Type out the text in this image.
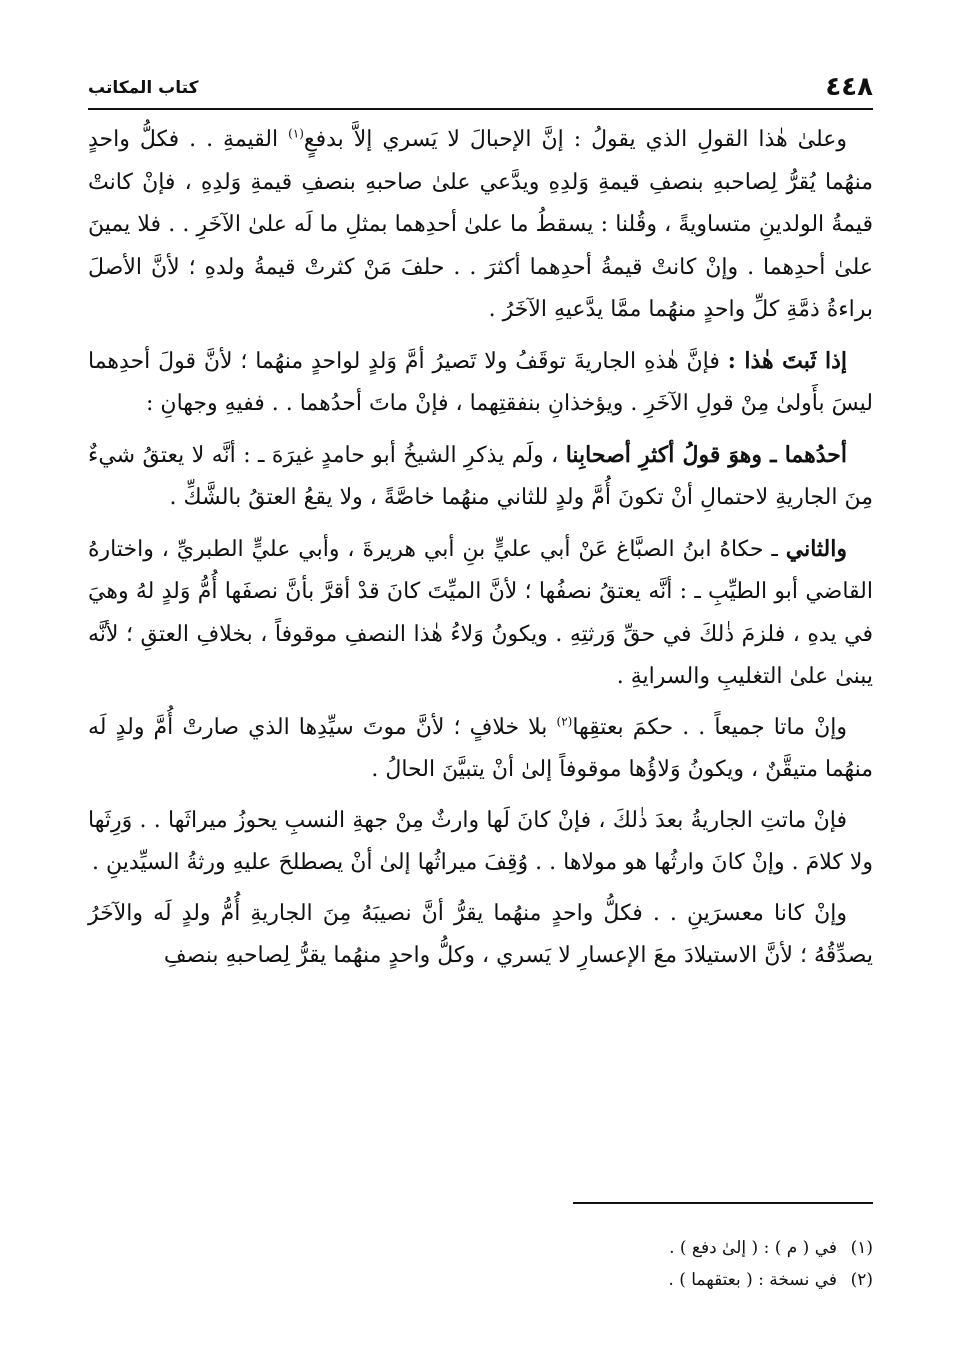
٤٤٨
كتاب المكاتب

وعلىٰ هٰذا القولِ الذي يقولُ : إنَّ الإحبالَ لا يَسري إلاَّ بدفعٍ$^{(١)}$ القيمةِ . . فكلُّ واحدٍ منهُما يُقرُّ لِصاحبهِ بنصفِ قيمةِ وَلدِهِ ويدَّعي علىٰ صاحبهِ بنصفِ قيمةِ وَلدِهِ ، فإنْ كانتْ قيمةُ الولدينِ متساويةً ، وقُلنا : يسقطُ ما علىٰ أحدِهما بمثلِ ما لَه علىٰ الآخَرِ . . فلا يمينَ علىٰ أحدِهما . وإنْ كانتْ قيمةُ أحدِهما أكثرَ . . حلفَ مَنْ كثرتْ قيمةُ ولدهِ ؛ لأنَّ الأصلَ براءةُ ذمَّةِ كلِّ واحدٍ منهُما ممَّا يدَّعيهِ الآخَرُ .

إذا ثَبتَ هٰذا : فإنَّ هٰذهِ الجاريةَ توقَفُ ولا تَصيرُ أمَّ وَلدٍ لواحدٍ منهُما ؛ لأنَّ قولَ أحدِهما ليسَ بأَولىٰ مِنْ قولِ الآخَرِ . ويؤخذانِ بنفقتِهما ، فإنْ ماتَ أحدُهما . . ففيهِ وجهانِ :

أحدُهما ـ وهوَ قولُ أكثرِ أصحابِنا ، ولَم يذكرِ الشيخُ أبو حامدٍ غيرَهَ ـ : أنَّه لا يعتقُ شيءٌ مِنَ الجاريةِ لاحتمالِ أنْ تكونَ أُمَّ ولدٍ للثاني منهُما خاصَّةً ، ولا يقعُ العتقُ بالشَّكِّ .

والثاني ـ حكاهُ ابنُ الصبَّاغ عَنْ أبي عليٍّ بنِ أبي هريرةَ ، وأبي عليٍّ الطبريِّ ، واختارهُ القاضي أبو الطيِّبِ ـ : أنَّه يعتقُ نصفُها ؛ لأنَّ الميِّتَ كانَ قدْ أقرَّ بأنَّ نصفَها أُمُّ وَلدٍ لهُ وهيَ في يدهِ ، فلزمَ ذٰلكَ في حقِّ وَرثتِهِ . ويكونُ وَلاءُ هٰذا النصفِ موقوفاً ، بخلافِ العتقِ ؛ لأنَّه يبنىٰ علىٰ التغليبِ والسرايةِ .

وإنْ ماتا جميعاً . . حكمَ بعتقِها$^{(٢)}$ بلا خلافٍ ؛ لأنَّ موتَ سيِّدِها الذي صارتْ أُمَّ ولدٍ لَه منهُما متيقَّنٌ ، ويكونُ وَلاؤُها موقوفاً إلىٰ أنْ يتبيَّنَ الحالُ .

فإنْ ماتتِ الجاريةُ بعدَ ذٰلكَ ، فإنْ كانَ لَها وارثٌ مِنْ جهةِ النسبِ يحوزُ ميراثَها . . وَرِثَها ولا كلامَ . وإنْ كانَ وارثُها هو مولاها . . وُقِفَ ميراثُها إلىٰ أنْ يصطلحَ عليهِ ورثةُ السيِّدينِ .

وإنْ كانا معسرَينِ . . فكلُّ واحدٍ منهُما يقرُّ أنَّ نصيبَهُ مِنَ الجاريةِ أُمُّ ولدٍ لَه والآخَرُ يصدِّقُهُ ؛ لأنَّ الاستيلادَ معَ الإعسارِ لا يَسري ، وكلُّ واحدٍ منهُما يقرُّ لِصاحبهِ بنصفِ

(١)في ( م ) : ( إلىٰ دفع ) .

(٢)في نسخة : ( بعتقهما ) .
